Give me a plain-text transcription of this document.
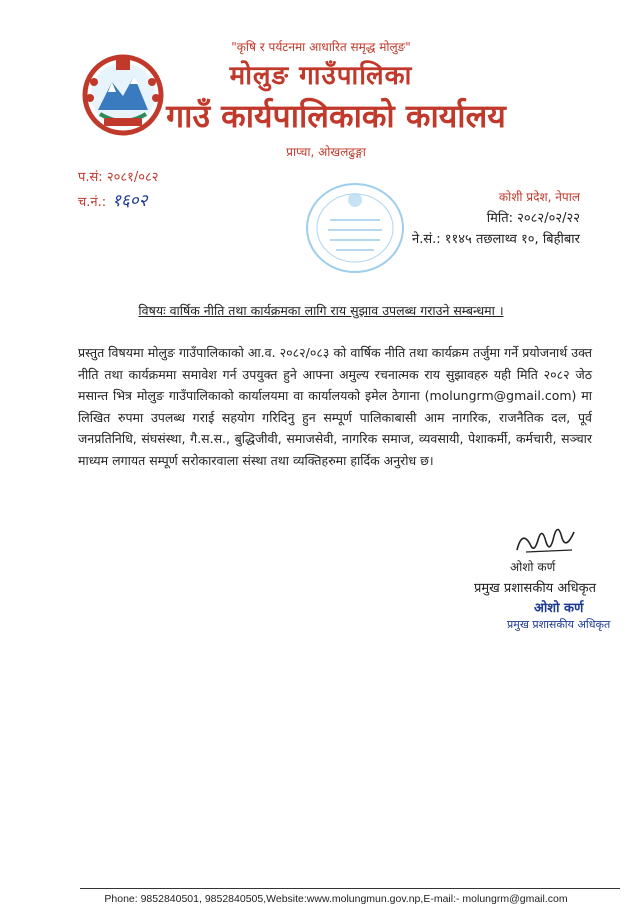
"कृषि र पर्यटनमा आधारित समृद्ध मोलुङ"
मोलुङ गाउँपालिका
गाउँ कार्यपालिकाको कार्यालय
प्राप्चा, ओखलढुङ्गा
प.सं: २०८१/०८२
च.नं.: १६०२	कोशी प्रदेश, नेपाल
मिति: २०८२/०२/२२
ने.सं.: ११४५ तछलाथ्व १०, बिहीबार
विषयः वार्षिक नीति तथा कार्यक्रमका लागि राय सुझाव उपलब्ध गराउने सम्बन्धमा ।
प्रस्तुत विषयमा मोलुङ गाउँपालिकाको आ.व. २०८२/०८३ को वार्षिक नीति तथा कार्यक्रम तर्जुमा गर्ने प्रयोजनार्थ उक्त नीति तथा कार्यक्रममा समावेश गर्न उपयुक्त हुने आफ्ना अमुल्य रचनात्मक राय सुझावहरु यही मिति २०८२ जेठ मसान्त भित्र मोलुङ गाउँपालिकाको कार्यालयमा वा कार्यालयको इमेल ठेगाना (molungrm@gmail.com) मा लिखित रुपमा उपलब्ध गराई सहयोग गरिदिनु हुन सम्पूर्ण पालिकाबासी आम नागरिक, राजनैतिक दल, पूर्व जनप्रतिनिधि, संघसंस्था, गै.स.स., बुद्धिजीवी, समाजसेवी, नागरिक समाज, व्यवसायी, पेशाकर्मी, कर्मचारी, सञ्चार माध्यम लगायत सम्पूर्ण सरोकारवाला संस्था तथा व्यक्तिहरुमा हार्दिक अनुरोध छ।
ओशो कर्ण
प्रमुख प्रशासकीय अधिकृत
ओशो कर्ण
प्रमुख प्रशासकीय अधिकृत
Phone: 9852840501, 9852840505,Website:www.molungmun.gov.np,E-mail:- molungrm@gmail.com
